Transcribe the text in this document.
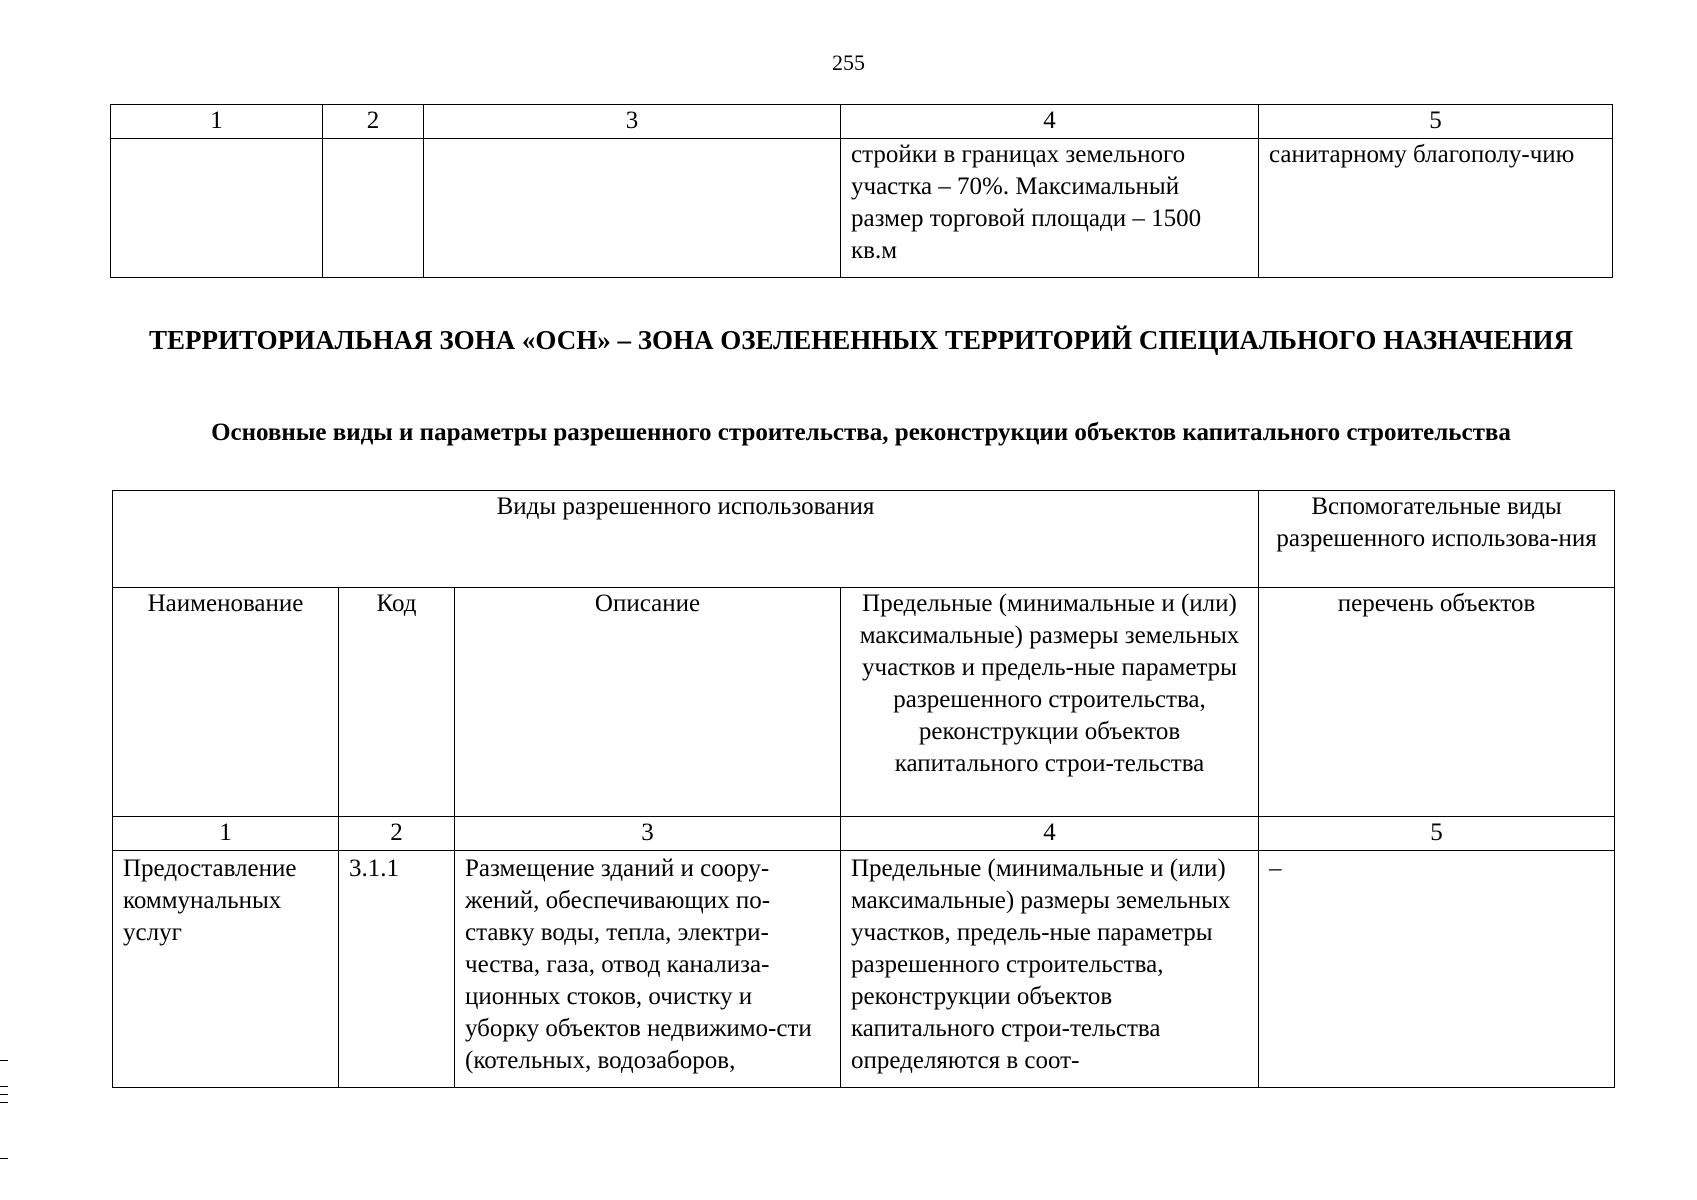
255
1	2	3	4	5
			стройки в границах земельного участка – 70%. Максимальный размер торговой площади – 1500 кв.м	санитарному благополу-чию
ТЕРРИТОРИАЛЬНАЯ ЗОНА «ОСН» – ЗОНА ОЗЕЛЕНЕННЫХ ТЕРРИТОРИЙ СПЕЦИАЛЬНОГО НАЗНАЧЕНИЯ
Основные виды и параметры разрешенного строительства, реконструкции объектов капитального строительства
Виды разрешенного использования				Вспомогательные виды разрешенного использова-ния
Наименование	Код	Описание	Предельные (минимальные и (или) максимальные) размеры земельных участков и предель-ные параметры разрешенного строительства, реконструкции объектов капитального строи-тельства	перечень объектов
1	2	3	4	5
Предоставление коммунальных услуг	3.1.1	Размещение зданий и соору-жений, обеспечивающих по-ставку воды, тепла, электри-чества, газа, отвод канализа-ционных стоков, очистку и уборку объектов недвижимо-сти (котельных, водозаборов,	Предельные (минимальные и (или) максимальные) размеры земельных участков, предель-ные параметры разрешенного строительства, реконструкции объектов капитального строи-тельства определяются в соот-	–
